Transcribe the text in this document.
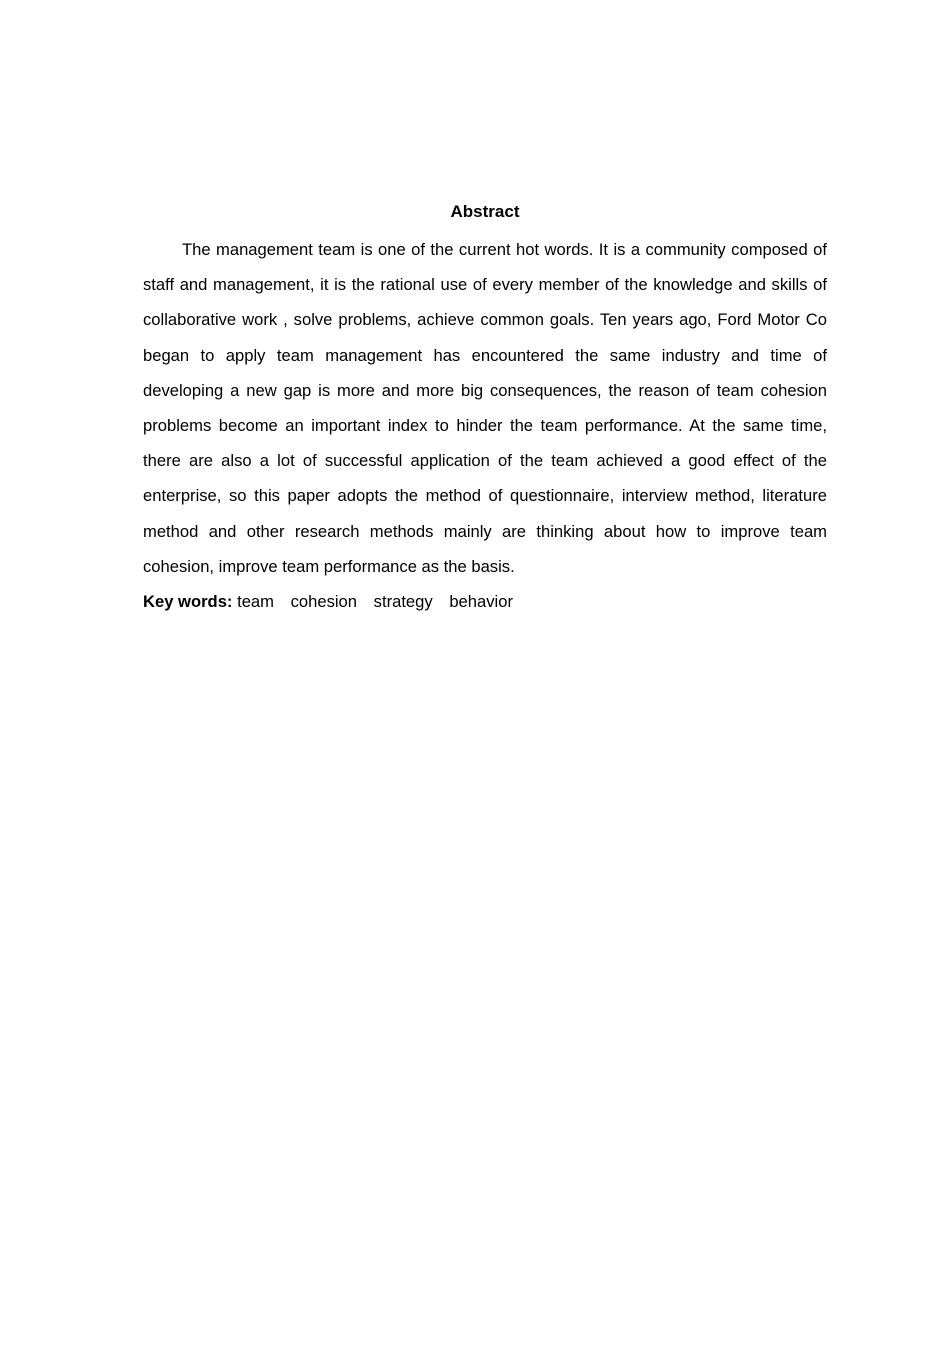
Abstract

The management team is one of the current hot words. It is a community composed of staff and management, it is the rational use of every member of the knowledge and skills of collaborative work , solve problems, achieve common goals. Ten years ago, Ford Motor Co began to apply team management has encountered the same industry and time of developing a new gap is more and more big consequences, the reason of team cohesion problems become an important index to hinder the team performance. At the same time, there are also a lot of successful application of the team achieved a good effect of the enterprise, so this paper adopts the method of questionnaire, interview method, literature method and other research methods mainly are thinking about how to improve team cohesion, improve team performance as the basis.

Key words: team cohesion strategy behavior
